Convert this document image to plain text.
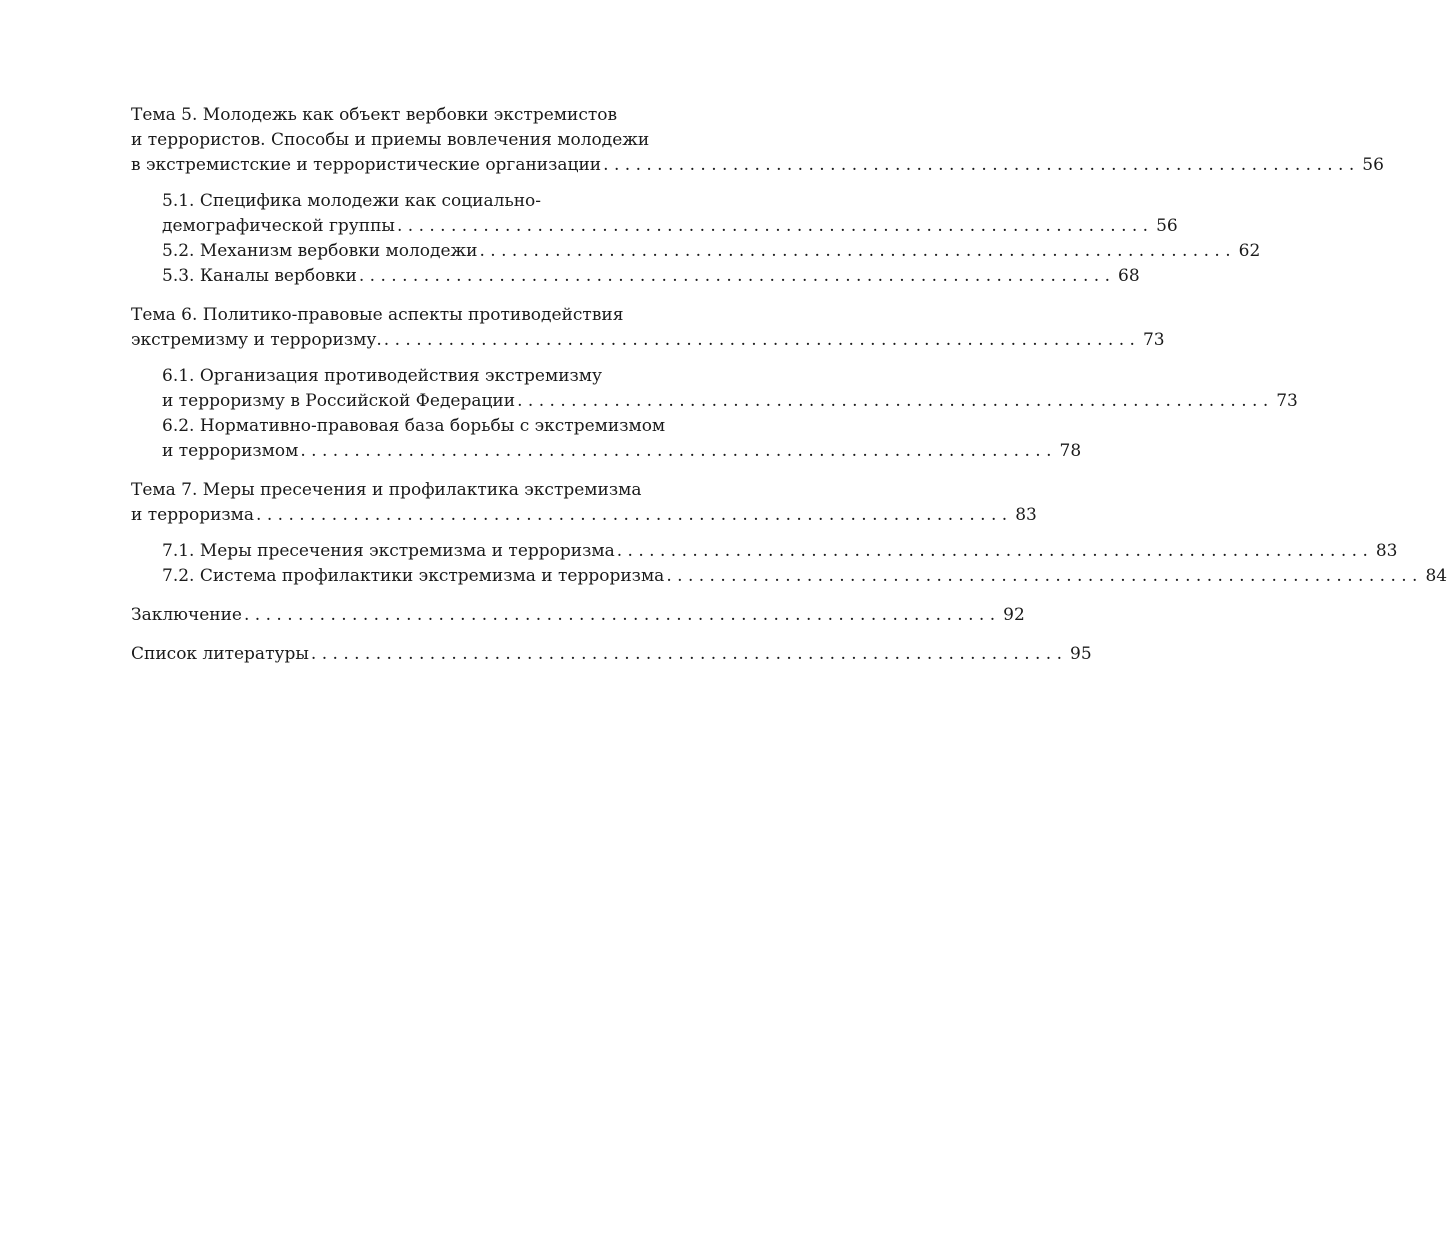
Тема 5. Молодежь как объект вербовки экстремистов
и террористов. Способы и приемы вовлечения молодежи
в экстремистские и террористические организации . . . . . . . . . . . . . . . . . . . . . . . . . . . . . . . . . . . . . . . . . . . . . . . . . . . . . . . . . . . . . . . . . . . . . . 56
5.1. Специфика молодежи как социально-
демографической группы . . . . . . . . . . . . . . . . . . . . . . . . . . . . . . . . . . . . . . . . . . . . . . . . . . . . . . . . . . . . . . . . . . . . . . 56
5.2. Механизм вербовки молодежи . . . . . . . . . . . . . . . . . . . . . . . . . . . . . . . . . . . . . . . . . . . . . . . . . . . . . . . . . . . . . . . . . . . . . . 62
5.3. Каналы вербовки . . . . . . . . . . . . . . . . . . . . . . . . . . . . . . . . . . . . . . . . . . . . . . . . . . . . . . . . . . . . . . . . . . . . . . 68
Тема 6. Политико-правовые аспекты противодействия
экстремизму и терроризму. . . . . . . . . . . . . . . . . . . . . . . . . . . . . . . . . . . . . . . . . . . . . . . . . . . . . . . . . . . . . . . . . . . . . . . 73
6.1. Организация противодействия экстремизму
и терроризму в Российской Федерации . . . . . . . . . . . . . . . . . . . . . . . . . . . . . . . . . . . . . . . . . . . . . . . . . . . . . . . . . . . . . . . . . . . . . . 73
6.2. Нормативно-правовая база борьбы с экстремизмом
и терроризмом . . . . . . . . . . . . . . . . . . . . . . . . . . . . . . . . . . . . . . . . . . . . . . . . . . . . . . . . . . . . . . . . . . . . . . 78
Тема 7. Меры пресечения и профилактика экстремизма
и терроризма . . . . . . . . . . . . . . . . . . . . . . . . . . . . . . . . . . . . . . . . . . . . . . . . . . . . . . . . . . . . . . . . . . . . . . 83
7.1. Меры пресечения экстремизма и терроризма . . . . . . . . . . . . . . . . . . . . . . . . . . . . . . . . . . . . . . . . . . . . . . . . . . . . . . . . . . . . . . . . . . . . . . 83
7.2. Система профилактики экстремизма и терроризма . . . . . . . . . . . . . . . . . . . . . . . . . . . . . . . . . . . . . . . . . . . . . . . . . . . . . . . . . . . . . . . . . . . . . . 84
Заключение . . . . . . . . . . . . . . . . . . . . . . . . . . . . . . . . . . . . . . . . . . . . . . . . . . . . . . . . . . . . . . . . . . . . . . 92
Список литературы . . . . . . . . . . . . . . . . . . . . . . . . . . . . . . . . . . . . . . . . . . . . . . . . . . . . . . . . . . . . . . . . . . . . . . 95
